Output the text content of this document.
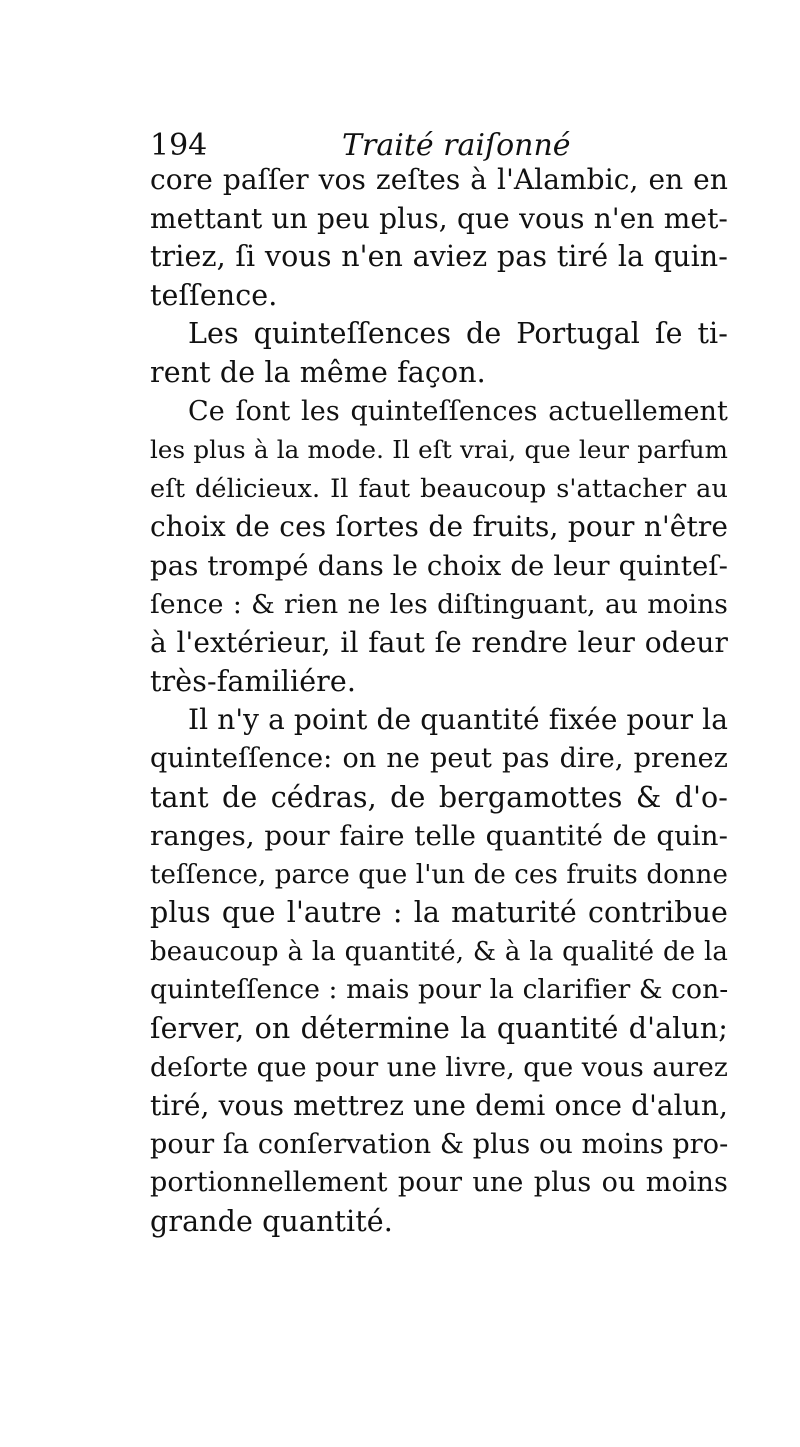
194	Traité raiſonné
core paſſer vos zeſtes à l'Alambic, en en
mettant un peu plus, que vous n'en met-
triez, ſi vous n'en aviez pas tiré la quin-
teſſence.
Les quinteſſences de Portugal ſe ti-
rent de la même façon.
Ce ſont les quinteſſences actuellement
les plus à la mode. Il eſt vrai, que leur parfum
eſt délicieux. Il faut beaucoup s'attacher au
choix de ces ſortes de fruits, pour n'être
pas trompé dans le choix de leur quinteſ-
ſence : & rien ne les diſtinguant, au moins
à l'extérieur, il faut ſe rendre leur odeur
très-familiére.
Il n'y a point de quantité fixée pour la
quinteſſence: on ne peut pas dire, prenez
tant de cédras, de bergamottes & d'o-
ranges, pour faire telle quantité de quin-
teſſence, parce que l'un de ces fruits donne
plus que l'autre : la maturité contribue
beaucoup à la quantité, & à la qualité de la
quinteſſence : mais pour la clarifier & con-
ſerver, on détermine la quantité d'alun;
deſorte que pour une livre, que vous aurez
tiré, vous mettrez une demi once d'alun,
pour ſa conſervation & plus ou moins pro-
portionnellement pour une plus ou moins
grande quantité.
